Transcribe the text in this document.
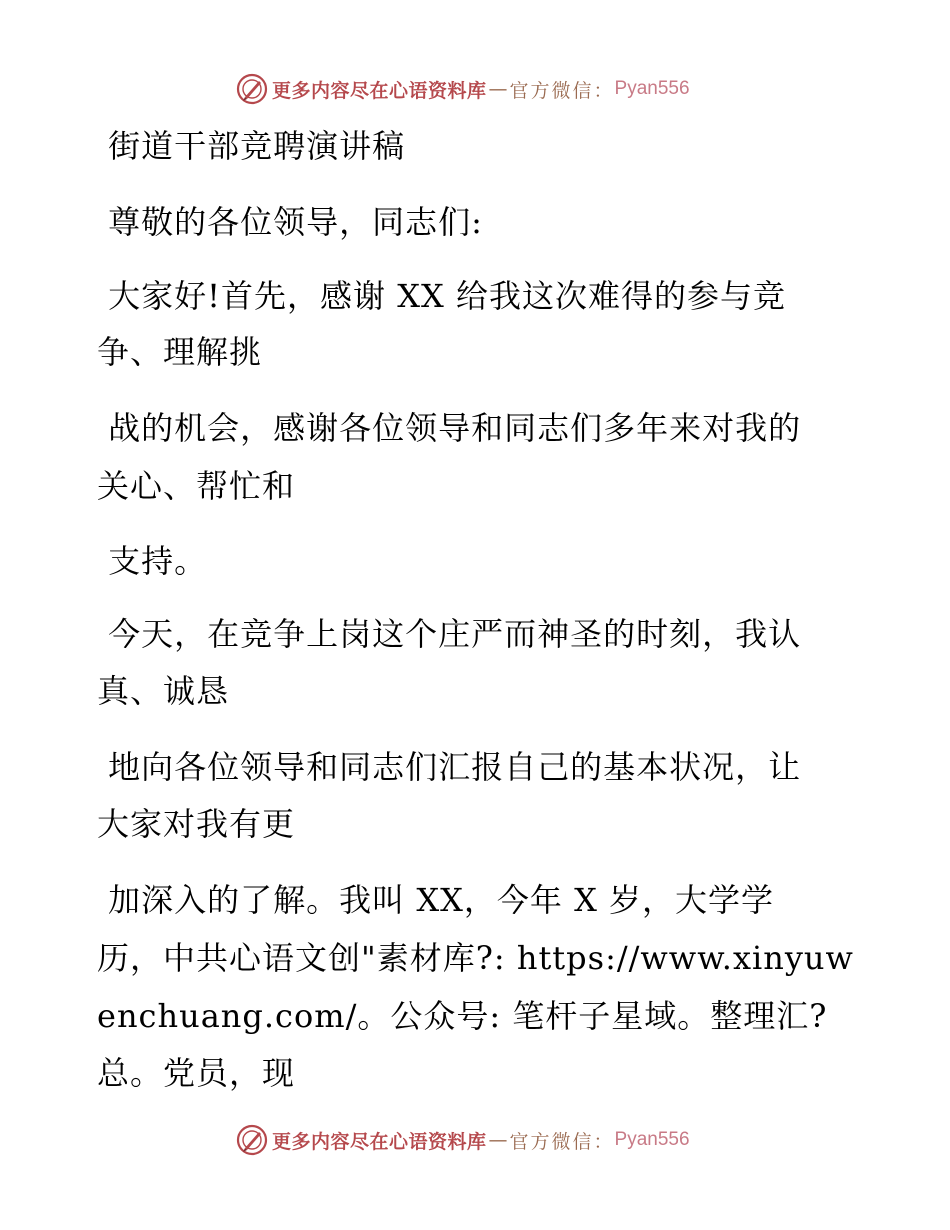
更多内容尽在心语资料库 — 官方微信： Pyan556
街道干部竞聘演讲稿
尊敬的各位领导，同志们:
大家好!首先，感谢 XX 给我这次难得的参与竞
争、理解挑
战的机会，感谢各位领导和同志们多年来对我的
关心、帮忙和
支持。
今天，在竞争上岗这个庄严而神圣的时刻，我认
真、诚恳
地向各位领导和同志们汇报自己的基本状况，让
大家对我有更
加深入的了解。我叫 XX，今年 X 岁，大学学
历，中共心语文创"素材库?: https://www.xinyuw
enchuang.com/。公众号: 笔杆子星域。整理汇?
总。党员，现
更多内容尽在心语资料库 — 官方微信： Pyan556
